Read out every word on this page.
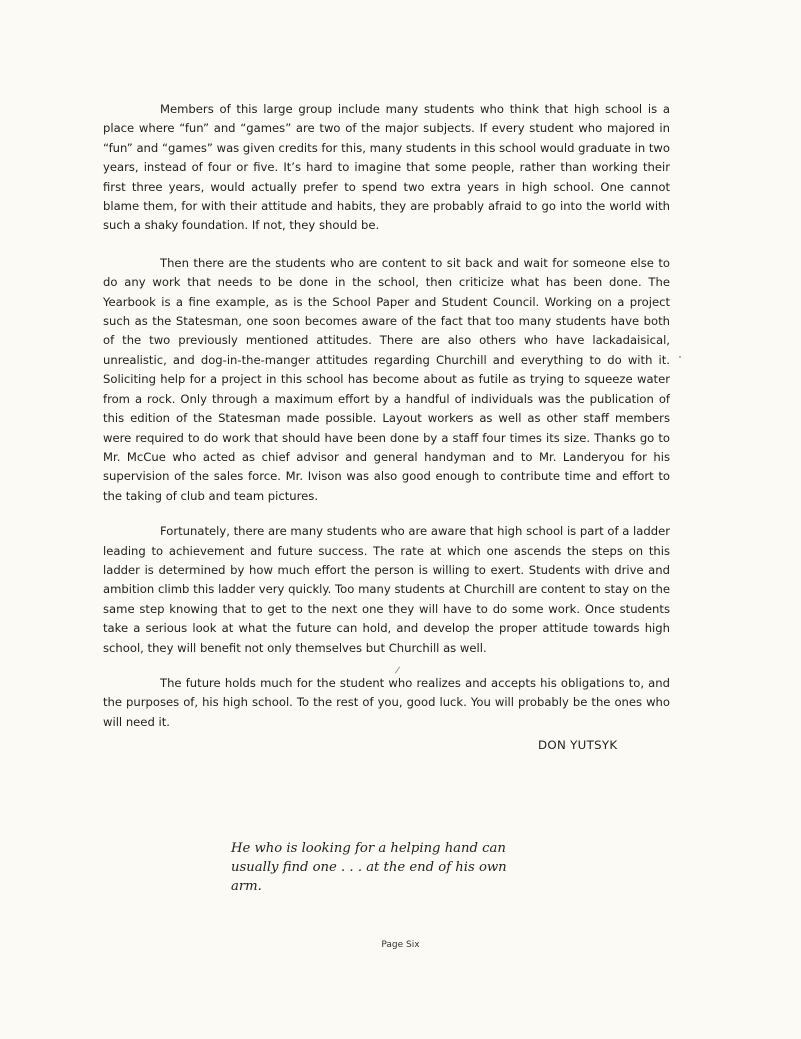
Members of this large group include many students who think that high school is a place where “fun” and “games” are two of the major subjects. If every student who majored in “fun” and “games” was given credits for this, many students in this school would graduate in two years, instead of four or five. It’s hard to imagine that some people, rather than working their first three years, would actually prefer to spend two extra years in high school. One cannot blame them, for with their attitude and habits, they are probably afraid to go into the world with such a shaky foundation. If not, they should be.

Then there are the students who are content to sit back and wait for someone else to do any work that needs to be done in the school, then criticize what has been done. The Yearbook is a fine example, as is the School Paper and Student Council. Working on a project such as the Statesman, one soon becomes aware of the fact that too many students have both of the two previously mentioned attitudes. There are also others who have lackadaisical, unrealistic, and dog-in-the-manger attitudes regarding Churchill and everything to do with it. Soliciting help for a project in this school has become about as futile as trying to squeeze water from a rock. Only through a maximum effort by a handful of individuals was the publication of this edition of the Statesman made possible. Layout workers as well as other staff members were required to do work that should have been done by a staff four times its size. Thanks go to Mr. McCue who acted as chief advisor and general handyman and to Mr. Landeryou for his supervision of the sales force. Mr. Ivison was also good enough to contribute time and effort to the taking of club and team pictures.

Fortunately, there are many students who are aware that high school is part of a ladder leading to achievement and future success. The rate at which one ascends the steps on this ladder is determined by how much effort the person is willing to exert. Students with drive and ambition climb this ladder very quickly. Too many students at Churchill are content to stay on the same step knowing that to get to the next one they will have to do some work. Once students take a serious look at what the future can hold, and develop the proper attitude towards high school, they will benefit not only themselves but Churchill as well.

The future holds much for the student who realizes and accepts his obligations to, and the purposes of, his high school. To the rest of you, good luck. You will probably be the ones who will need it.

DON YUTSYK
He who is looking for a helping hand can
usually find one . . . at the end of his own arm.
Page Six
